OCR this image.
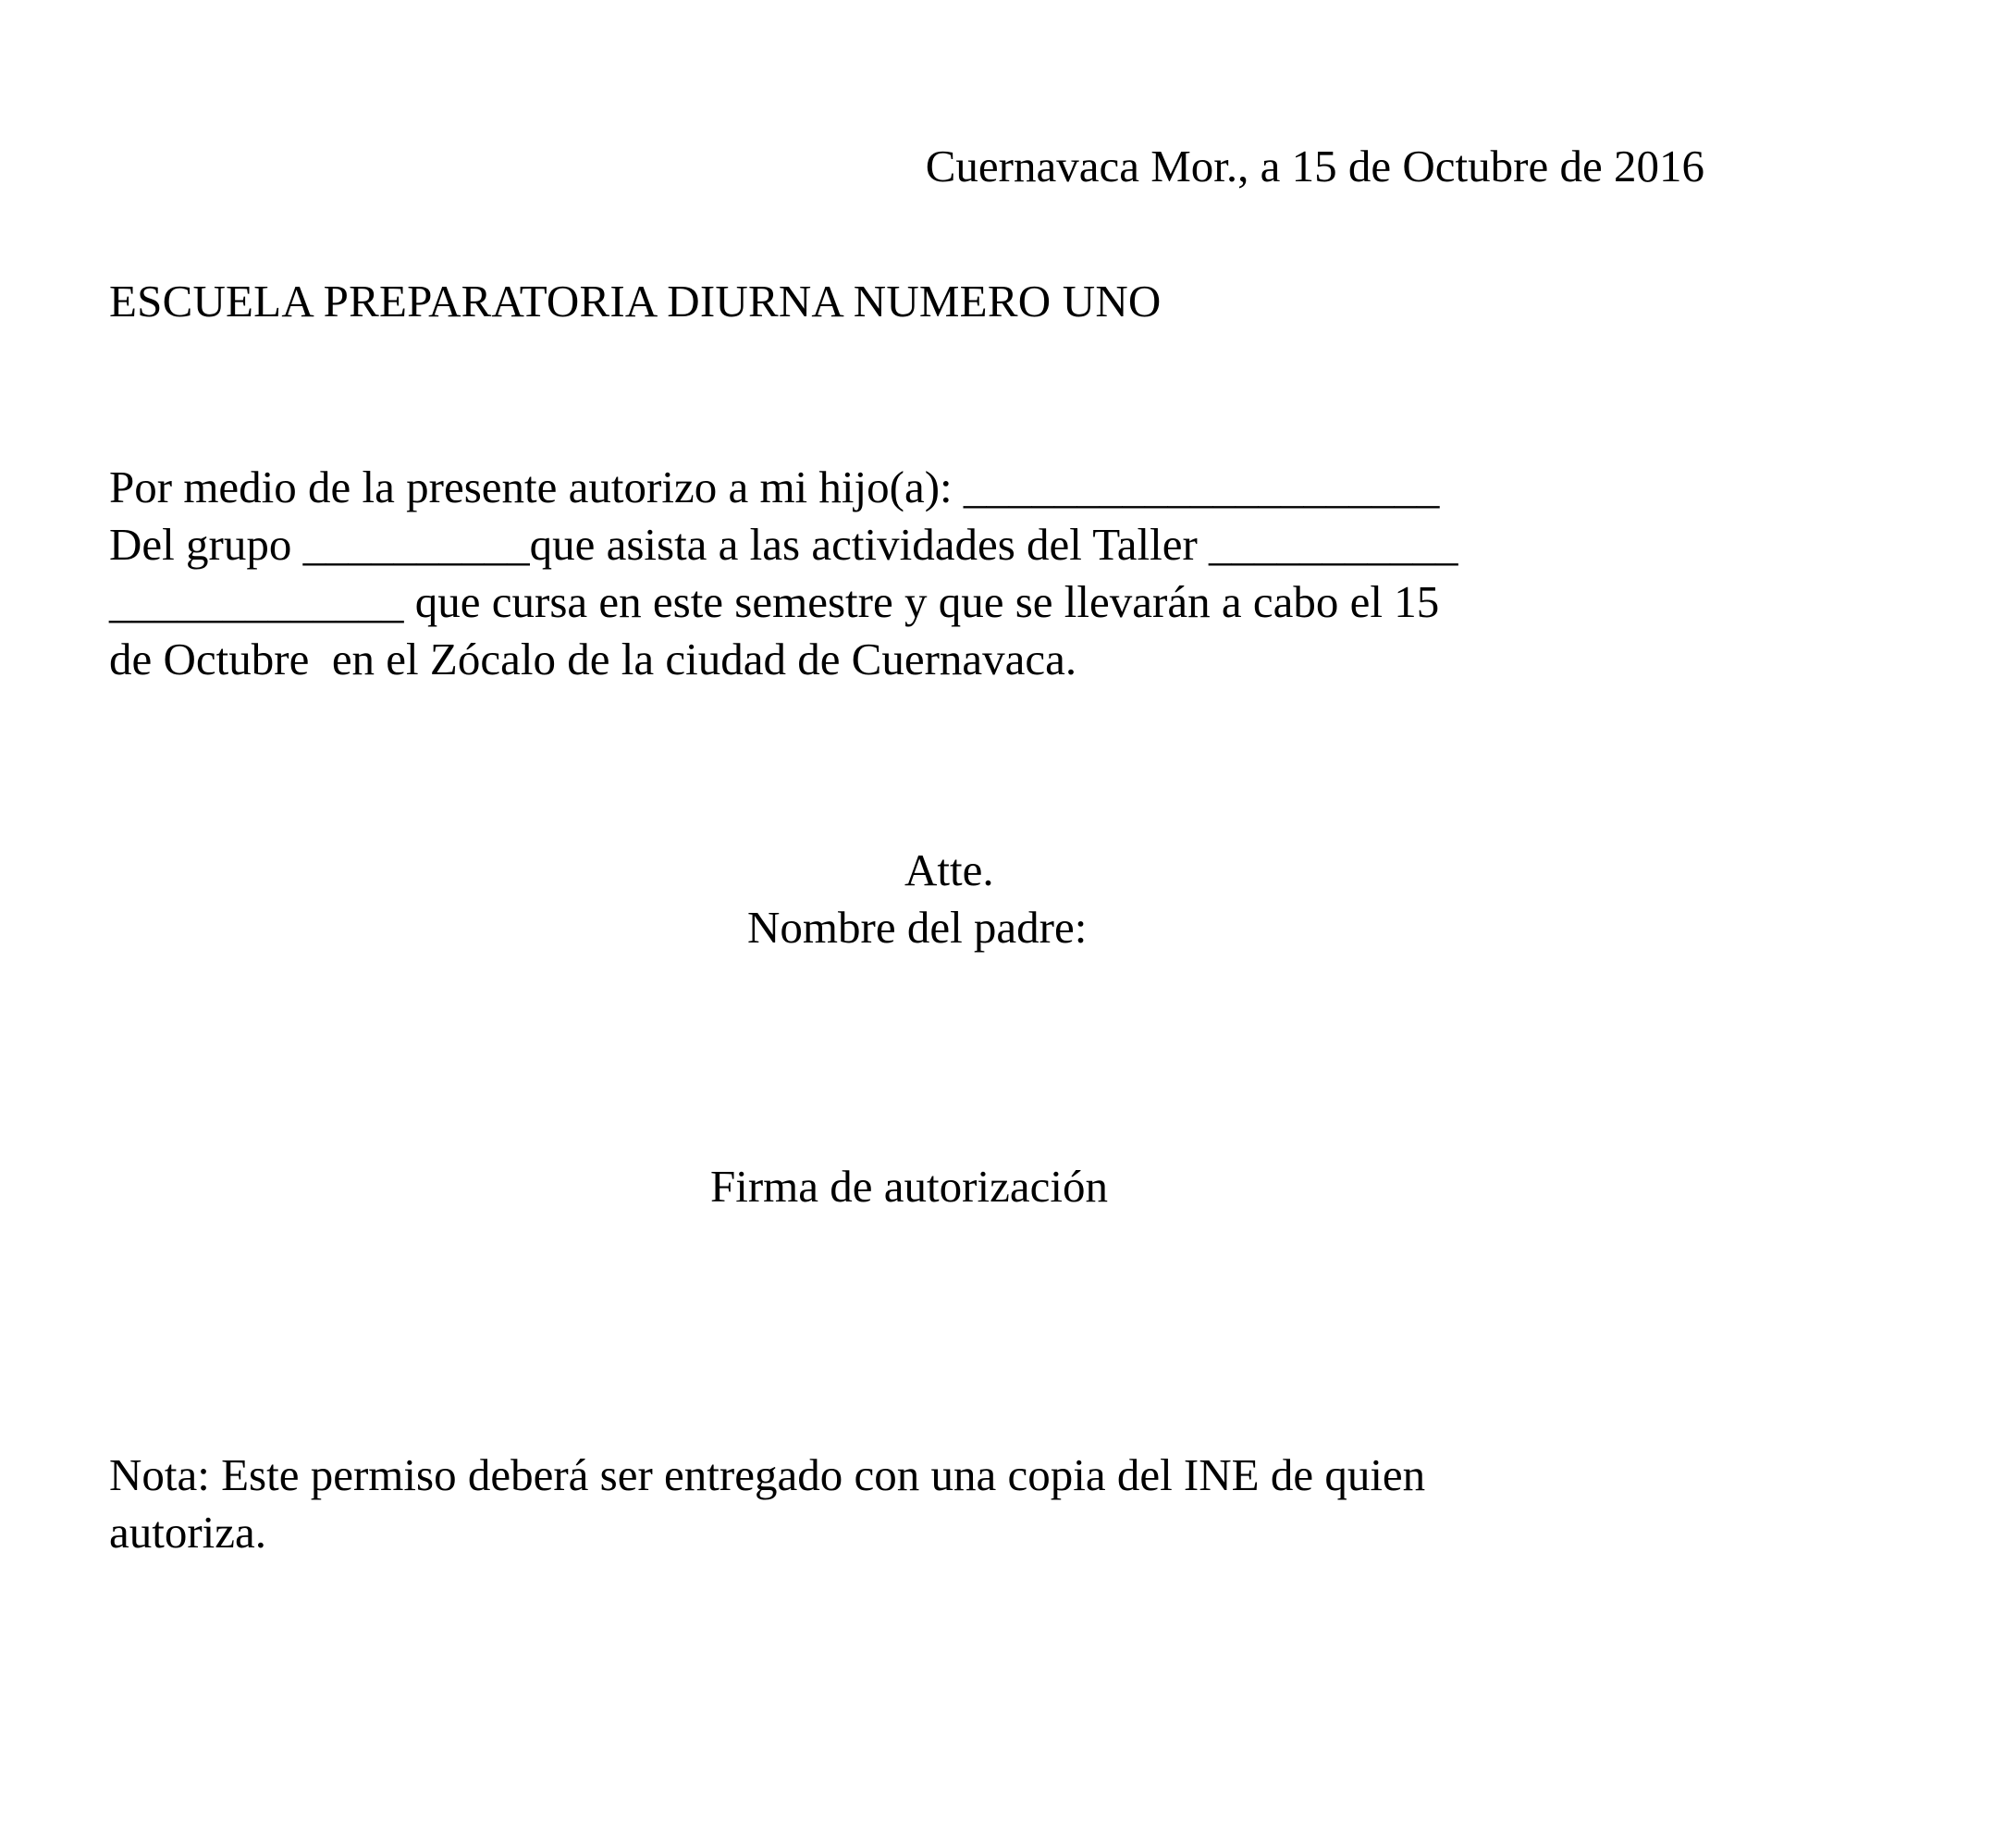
Cuernavaca Mor., a 15 de Octubre de 2016
ESCUELA PREPARATORIA DIURNA NUMERO UNO
Por medio de la presente autorizo a mi hijo(a): _____________________
Del grupo __________que asista a las actividades del Taller ___________
_____________ que cursa en este semestre y que se llevarán a cabo el 15
de Octubre  en el Zócalo de la ciudad de Cuernavaca.
Atte.
Nombre del padre:
Firma de autorización
Nota: Este permiso deberá ser entregado con una copia del INE de quien
autoriza.
